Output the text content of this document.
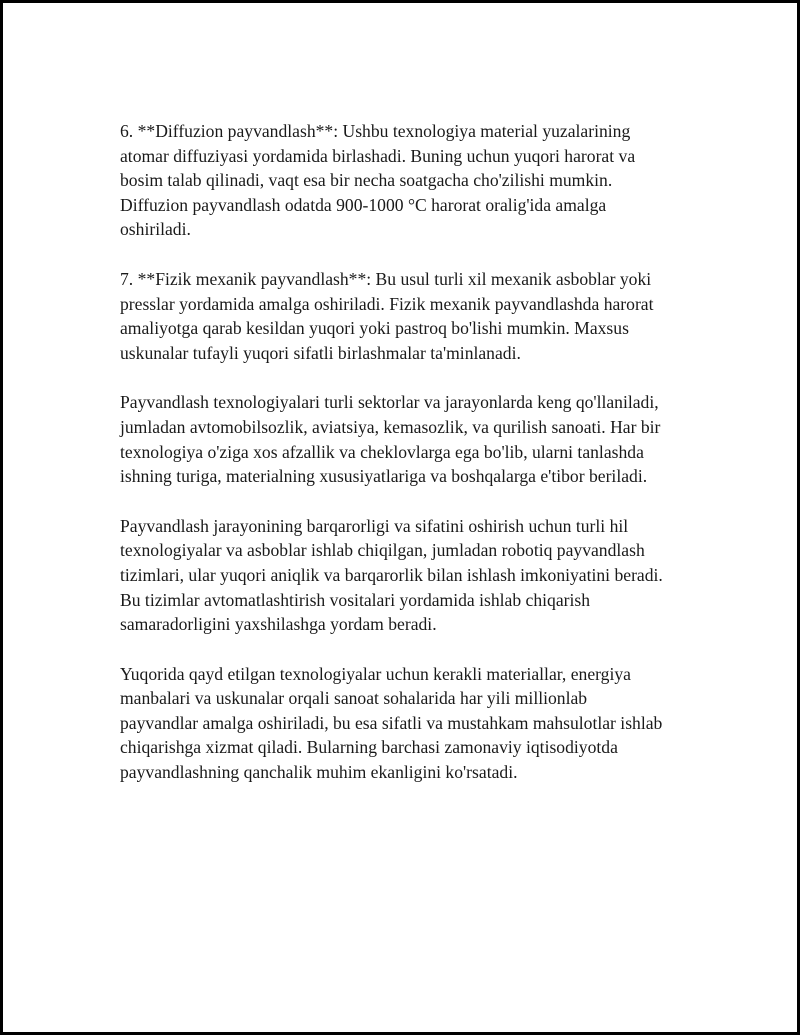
6. **Diffuzion payvandlash**: Ushbu texnologiya material yuzalarining
atomar diffuziyasi yordamida birlashadi. Buning uchun yuqori harorat va
bosim talab qilinadi, vaqt esa bir necha soatgacha cho'zilishi mumkin.
Diffuzion payvandlash odatda 900-1000 °C harorat oralig'ida amalga
oshiriladi.

7. **Fizik mexanik payvandlash**: Bu usul turli xil mexanik asboblar yoki
presslar yordamida amalga oshiriladi. Fizik mexanik payvandlashda harorat
amaliyotga qarab kesildan yuqori yoki pastroq bo'lishi mumkin. Maxsus
uskunalar tufayli yuqori sifatli birlashmalar ta'minlanadi.

Payvandlash texnologiyalari turli sektorlar va jarayonlarda keng qo'llaniladi,
jumladan avtomobilsozlik, aviatsiya, kemasozlik, va qurilish sanoati. Har bir
texnologiya o'ziga xos afzallik va cheklovlarga ega bo'lib, ularni tanlashda
ishning turiga, materialning xususiyatlariga va boshqalarga e'tibor beriladi.

Payvandlash jarayonining barqarorligi va sifatini oshirish uchun turli hil
texnologiyalar va asboblar ishlab chiqilgan, jumladan robotiq payvandlash
tizimlari, ular yuqori aniqlik va barqarorlik bilan ishlash imkoniyatini beradi.
Bu tizimlar avtomatlashtirish vositalari yordamida ishlab chiqarish
samaradorligini yaxshilashga yordam beradi.

Yuqorida qayd etilgan texnologiyalar uchun kerakli materiallar, energiya
manbalari va uskunalar orqali sanoat sohalarida har yili millionlab
payvandlar amalga oshiriladi, bu esa sifatli va mustahkam mahsulotlar ishlab
chiqarishga xizmat qiladi. Bularning barchasi zamonaviy iqtisodiyotda
payvandlashning qanchalik muhim ekanligini ko'rsatadi.
